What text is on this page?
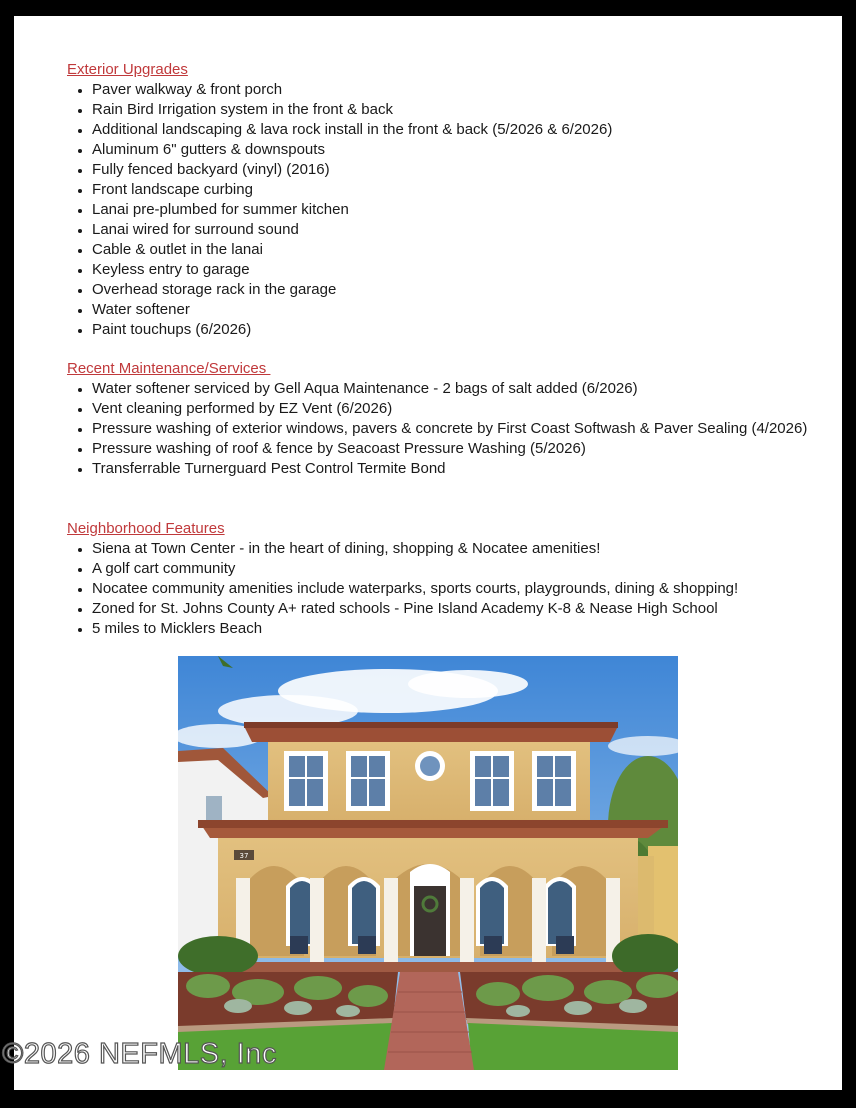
Exterior Upgrades
• Paver walkway & front porch
• Rain Bird Irrigation system in the front & back
• Additional landscaping & lava rock install in the front & back (5/2026 & 6/2026)
• Aluminum 6" gutters & downspouts
• Fully fenced backyard (vinyl) (2016)
• Front landscape curbing
• Lanai pre-plumbed for summer kitchen
• Lanai wired for surround sound
• Cable & outlet in the lanai
• Keyless entry to garage
• Overhead storage rack in the garage
• Water softener
• Paint touchups (6/2026)
Recent Maintenance/Services
• Water softener serviced by Gell Aqua Maintenance - 2 bags of salt added (6/2026)
• Vent cleaning performed by EZ Vent (6/2026)
• Pressure washing of exterior windows, pavers & concrete by First Coast Softwash & Paver Sealing (4/2026)
• Pressure washing of roof & fence by Seacoast Pressure Washing (5/2026)
• Transferrable Turnerguard Pest Control Termite Bond
Neighborhood Features
• Siena at Town Center - in the heart of dining, shopping & Nocatee amenities!
• A golf cart community
• Nocatee community amenities include waterparks, sports courts, playgrounds, dining & shopping!
• Zoned for St. Johns County A+ rated schools - Pine Island Academy K-8 & Nease High School
• 5 miles to Micklers Beach
37
©2026 NEFMLS, Inc
